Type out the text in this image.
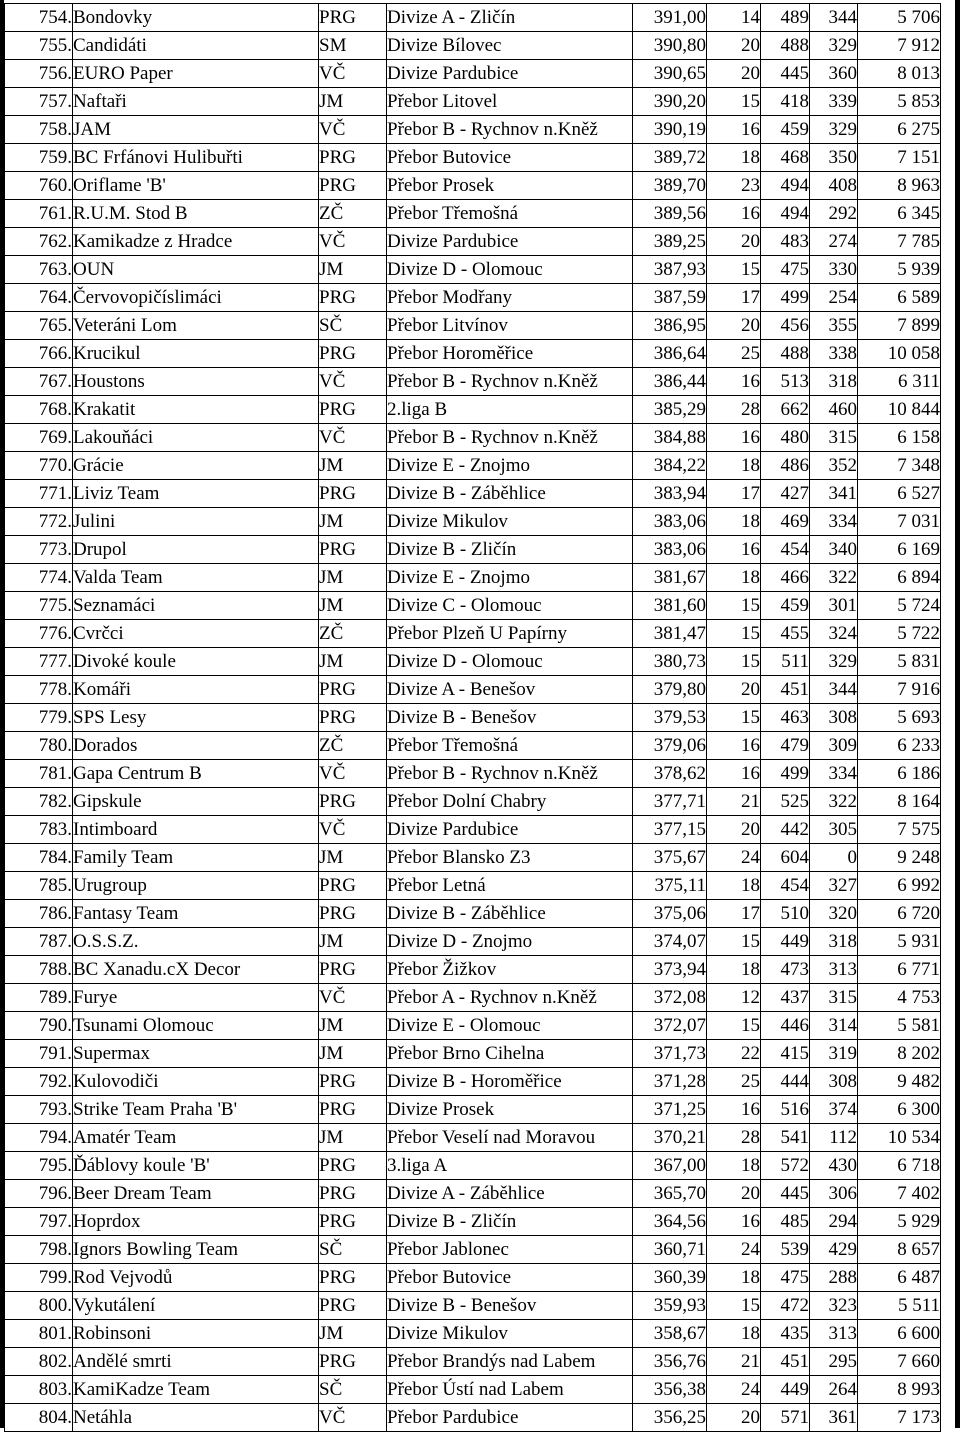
754.	Bondovky	PRG	Divize A - Zličín	391,00	14	489	344	5 706
755.	Candidáti	SM	Divize Bílovec	390,80	20	488	329	7 912
756.	EURO Paper	VČ	Divize Pardubice	390,65	20	445	360	8 013
757.	Naftaři	JM	Přebor Litovel	390,20	15	418	339	5 853
758.	JAM	VČ	Přebor B - Rychnov n.Kněž	390,19	16	459	329	6 275
759.	BC Frfánovi Hulibuřti	PRG	Přebor Butovice	389,72	18	468	350	7 151
760.	Oriflame 'B'	PRG	Přebor Prosek	389,70	23	494	408	8 963
761.	R.U.M. Stod B	ZČ	Přebor Třemošná	389,56	16	494	292	6 345
762.	Kamikadze z Hradce	VČ	Divize Pardubice	389,25	20	483	274	7 785
763.	OUN	JM	Divize D - Olomouc	387,93	15	475	330	5 939
764.	Červovopičíslimáci	PRG	Přebor Modřany	387,59	17	499	254	6 589
765.	Veteráni Lom	SČ	Přebor Litvínov	386,95	20	456	355	7 899
766.	Krucikul	PRG	Přebor Horoměřice	386,64	25	488	338	10 058
767.	Houstons	VČ	Přebor B - Rychnov n.Kněž	386,44	16	513	318	6 311
768.	Krakatit	PRG	2.liga B	385,29	28	662	460	10 844
769.	Lakouňáci	VČ	Přebor B - Rychnov n.Kněž	384,88	16	480	315	6 158
770.	Grácie	JM	Divize E - Znojmo	384,22	18	486	352	7 348
771.	Liviz Team	PRG	Divize B - Záběhlice	383,94	17	427	341	6 527
772.	Julini	JM	Divize Mikulov	383,06	18	469	334	7 031
773.	Drupol	PRG	Divize B - Zličín	383,06	16	454	340	6 169
774.	Valda Team	JM	Divize E - Znojmo	381,67	18	466	322	6 894
775.	Seznamáci	JM	Divize C - Olomouc	381,60	15	459	301	5 724
776.	Cvrčci	ZČ	Přebor Plzeň U Papírny	381,47	15	455	324	5 722
777.	Divoké koule	JM	Divize D - Olomouc	380,73	15	511	329	5 831
778.	Komáři	PRG	Divize A - Benešov	379,80	20	451	344	7 916
779.	SPS Lesy	PRG	Divize B - Benešov	379,53	15	463	308	5 693
780.	Dorados	ZČ	Přebor Třemošná	379,06	16	479	309	6 233
781.	Gapa Centrum B	VČ	Přebor B - Rychnov n.Kněž	378,62	16	499	334	6 186
782.	Gipskule	PRG	Přebor Dolní Chabry	377,71	21	525	322	8 164
783.	Intimboard	VČ	Divize Pardubice	377,15	20	442	305	7 575
784.	Family Team	JM	Přebor Blansko Z3	375,67	24	604	0	9 248
785.	Urugroup	PRG	Přebor Letná	375,11	18	454	327	6 992
786.	Fantasy Team	PRG	Divize B - Záběhlice	375,06	17	510	320	6 720
787.	O.S.S.Z.	JM	Divize D - Znojmo	374,07	15	449	318	5 931
788.	BC Xanadu.cX Decor	PRG	Přebor Žižkov	373,94	18	473	313	6 771
789.	Furye	VČ	Přebor A - Rychnov n.Kněž	372,08	12	437	315	4 753
790.	Tsunami Olomouc	JM	Divize E - Olomouc	372,07	15	446	314	5 581
791.	Supermax	JM	Přebor Brno Cihelna	371,73	22	415	319	8 202
792.	Kulovodiči	PRG	Divize B - Horoměřice	371,28	25	444	308	9 482
793.	Strike Team Praha 'B'	PRG	Divize Prosek	371,25	16	516	374	6 300
794.	Amatér Team	JM	Přebor Veselí nad Moravou	370,21	28	541	112	10 534
795.	Ďáblovy koule 'B'	PRG	3.liga A	367,00	18	572	430	6 718
796.	Beer Dream Team	PRG	Divize A - Záběhlice	365,70	20	445	306	7 402
797.	Hoprdox	PRG	Divize B - Zličín	364,56	16	485	294	5 929
798.	Ignors Bowling Team	SČ	Přebor Jablonec	360,71	24	539	429	8 657
799.	Rod Vejvodů	PRG	Přebor Butovice	360,39	18	475	288	6 487
800.	Vykutálení	PRG	Divize B - Benešov	359,93	15	472	323	5 511
801.	Robinsoni	JM	Divize Mikulov	358,67	18	435	313	6 600
802.	Andělé smrti	PRG	Přebor Brandýs nad Labem	356,76	21	451	295	7 660
803.	KamiKadze Team	SČ	Přebor Ústí nad Labem	356,38	24	449	264	8 993
804.	Netáhla	VČ	Přebor Pardubice	356,25	20	571	361	7 173
